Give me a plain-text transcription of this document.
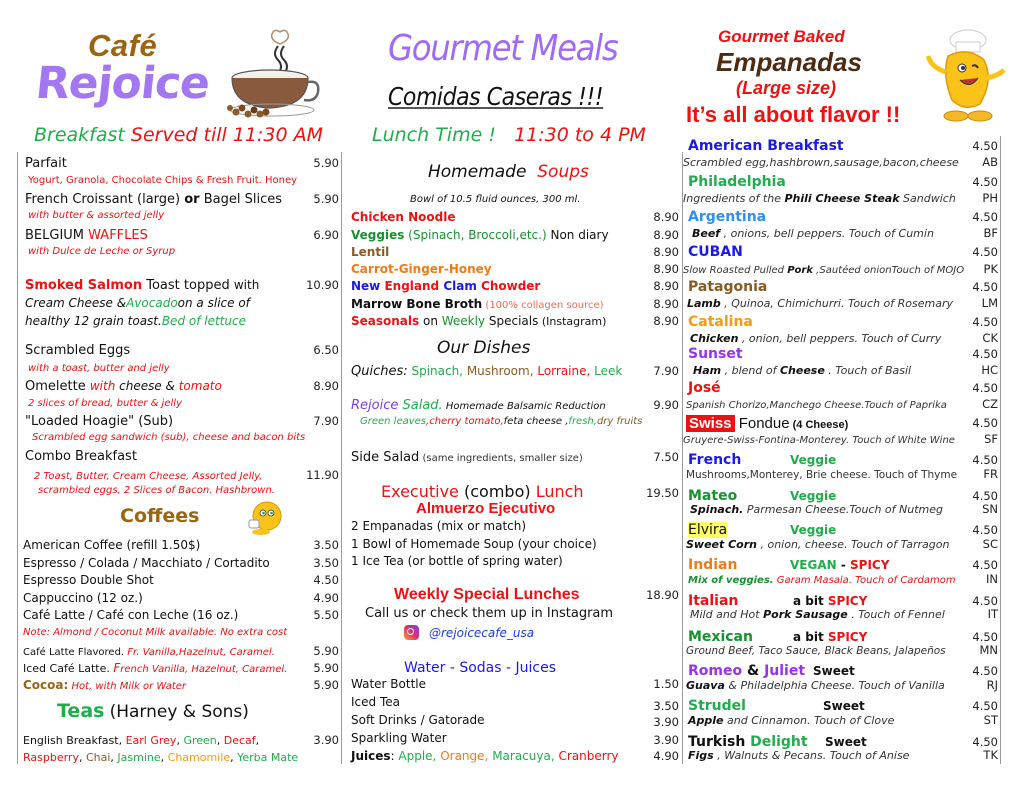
Café
Rejoice
Breakfast Served till 11:30 AM
Gourmet Meals
Comidas Caseras !!!
Lunch Time ! 11:30 to 4 PM
Gourmet Baked
Empanadas
(Large size)
It’s all about flavor !!
Parfait	5.90
Yogurt, Granola, Chocolate Chips & Fresh Fruit. Honey
French Croissant (large) or Bagel Slices	5.90
with butter & assorted jelly
BELGIUM WAFFLES	6.90
with Dulce de Leche or Syrup
Smoked Salmon Toast topped with	10.90
Cream Cheese & Avocado on a slice of
healthy 12 grain toast. Bed of lettuce
Scrambled Eggs	6.50
with a toast, butter and jelly
Omelette with cheese & tomato	8.90
2 slices of bread, butter & jelly
"Loaded Hoagie" (Sub)	7.90
Scrambled egg sandwich (sub), cheese and bacon bits
Combo Breakfast
2 Toast, Butter, Cream Cheese, Assorted Jelly,	11.90
scrambled eggs, 2 Slices of Bacon. Hashbrown.
Coffees
American Coffee (refill 1.50$)	3.50
Espresso / Colada / Macchiato / Cortadito	3.50
Espresso Double Shot	4.50
Cappuccino (12 oz.)	4.90
Café Latte / Café con Leche (16 oz.)	5.50
Note: Almond / Coconut Milk available. No extra cost
Café Latte Flavored. Fr. Vanilla,Hazelnut, Caramel.	5.90
Iced Café Latte. French Vanilla, Hazelnut, Caramel. 5.90
Cocoa: Hot, with Milk or Water	5.90
Teas (Harney & Sons)
English Breakfast, Earl Grey, Green, Decaf,	3.90
Raspberry , Chai , Jasmine , Chamomile , Yerba Mate
Homemade Soups
Bowl of 10.5 fluid ounces, 300 ml.
Chicken Noodle	8.90
Veggies (Spinach, Broccoli,etc.) Non diary	8.90
Lentil	8.90
Carrot-Ginger-Honey	8.90
New England Clam Chowder	8.90
Marrow Bone Broth (100% collagen source)	8.90
Seasonals on Weekly Specials (Instagram)	8.90
Our Dishes
Quiches: Spinach, Mushroom, Lorraine, Leek	7.90
Rejoice Salad. Homemade Balsamic Reduction	9.90
Green leaves ,cherry tomato, feta cheese , fresh, dry fruits
Side Salad (same ingredients, smaller size)	7.50
Executive (combo) Lunch	19.50
Almuerzo Ejecutivo
2 Empanadas (mix or match)
1 Bowl of Homemade Soup (your choice)
1 Ice Tea (or bottle of spring water)
Weekly Special Lunches	18.90
Call us or check them up in Instagram
@rejoicecafe_usa
Water - Sodas - Juices
Water Bottle	1.50
Iced Tea	3.50
Soft Drinks / Gatorade	3.90
Sparkling Water	3.90
Juices: Apple, Orange, Maracuya, Cranberry	4.90
American Breakfast	4.50
Scrambled egg,hashbrown,sausage,bacon,cheese AB
Philadelphia	4.50
Ingredients of the Phili Cheese Steak Sandwich PH
Argentina	4.50
Beef , onions, bell peppers. Touch of Cumin	BF
CUBAN	4.50
Slow Roasted Pulled Pork ,Sautéed onionTouch of MOJO PK
Patagonia	4.50
Lamb , Quinoa, Chimichurri. Touch of Rosemary LM
Catalina	4.50
Chicken , onion, bell peppers. Touch of Curry	CK
Sunset	4.50
Ham , blend of Cheese . Touch of Basil	HC
José	4.50
Spanish Chorizo,Manchego Cheese.Touch of Paprika	CZ
Swiss Fondue (4 Cheese)	4.50
Gruyere-Swiss-Fontina-Monterey. Touch of White Wine	SF
French	Veggie	4.50
Mushrooms,Monterey, Brie cheese. Touch of Thyme FR
Mateo	Veggie	4.50
Spinach. Parmesan Cheese.Touch of Nutmeg	SN
Elvira	Veggie	4.50
Sweet Corn , onion, cheese. Touch of Tarragon	SC
Indian	VEGAN - SPICY	4.50
Mix of veggies. Garam Masala. Touch of Cardamom	IN
Italian	a bit SPICY	4.50
Mild and Hot Pork Sausage . Touch of Fennel	IT
Mexican	a bit SPICY	4.50
Ground Beef, Taco Sauce, Black Beans, Jalapeños	MN
Romeo & Juliet Sweet	4.50
Guava & Philadelphia Cheese. Touch of Vanilla	RJ
Strudel	Sweet	4.50
Apple and Cinnamon. Touch of Clove	ST
Turkish Delight Sweet	4.50
Figs , Walnuts & Pecans. Touch of Anise	TK
